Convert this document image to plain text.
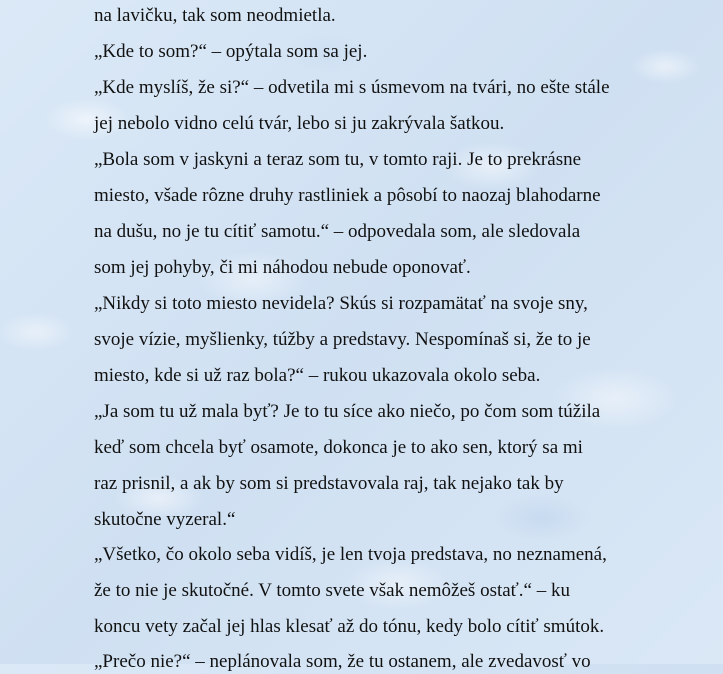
na lavičku, tak som neodmietla.

„Kde to som?“ – opýtala som sa jej.

„Kde myslíš, že si?“ – odvetila mi s úsmevom na tvári, no ešte stále

jej nebolo vidno celú tvár, lebo si ju zakrývala šatkou.

„Bola som v jaskyni a teraz som tu, v tomto raji. Je to prekrásne

miesto, všade rôzne druhy rastliniek a pôsobí to naozaj blahodarne

na dušu, no je tu cítiť samotu.“ – odpovedala som, ale sledovala

som jej pohyby, či mi náhodou nebude oponovať.

„Nikdy si toto miesto nevidela? Skús si rozpamätať na svoje sny,

svoje vízie, myšlienky, túžby a predstavy. Nespomínaš si, že to je

miesto, kde si už raz bola?“ – rukou ukazovala okolo seba.

„Ja som tu už mala byť? Je to tu síce ako niečo, po čom som túžila

keď som chcela byť osamote, dokonca je to ako sen, ktorý sa mi

raz prisnil, a ak by som si predstavovala raj, tak nejako tak by

skutočne vyzeral.“

„Všetko, čo okolo seba vidíš, je len tvoja predstava, no neznamená,

že to nie je skutočné. V tomto svete však nemôžeš ostať.“ – ku

koncu vety začal jej hlas klesať až do tónu, kedy bolo cítiť smútok.

„Prečo nie?“ – neplánovala som, že tu ostanem, ale zvedavosť vo
